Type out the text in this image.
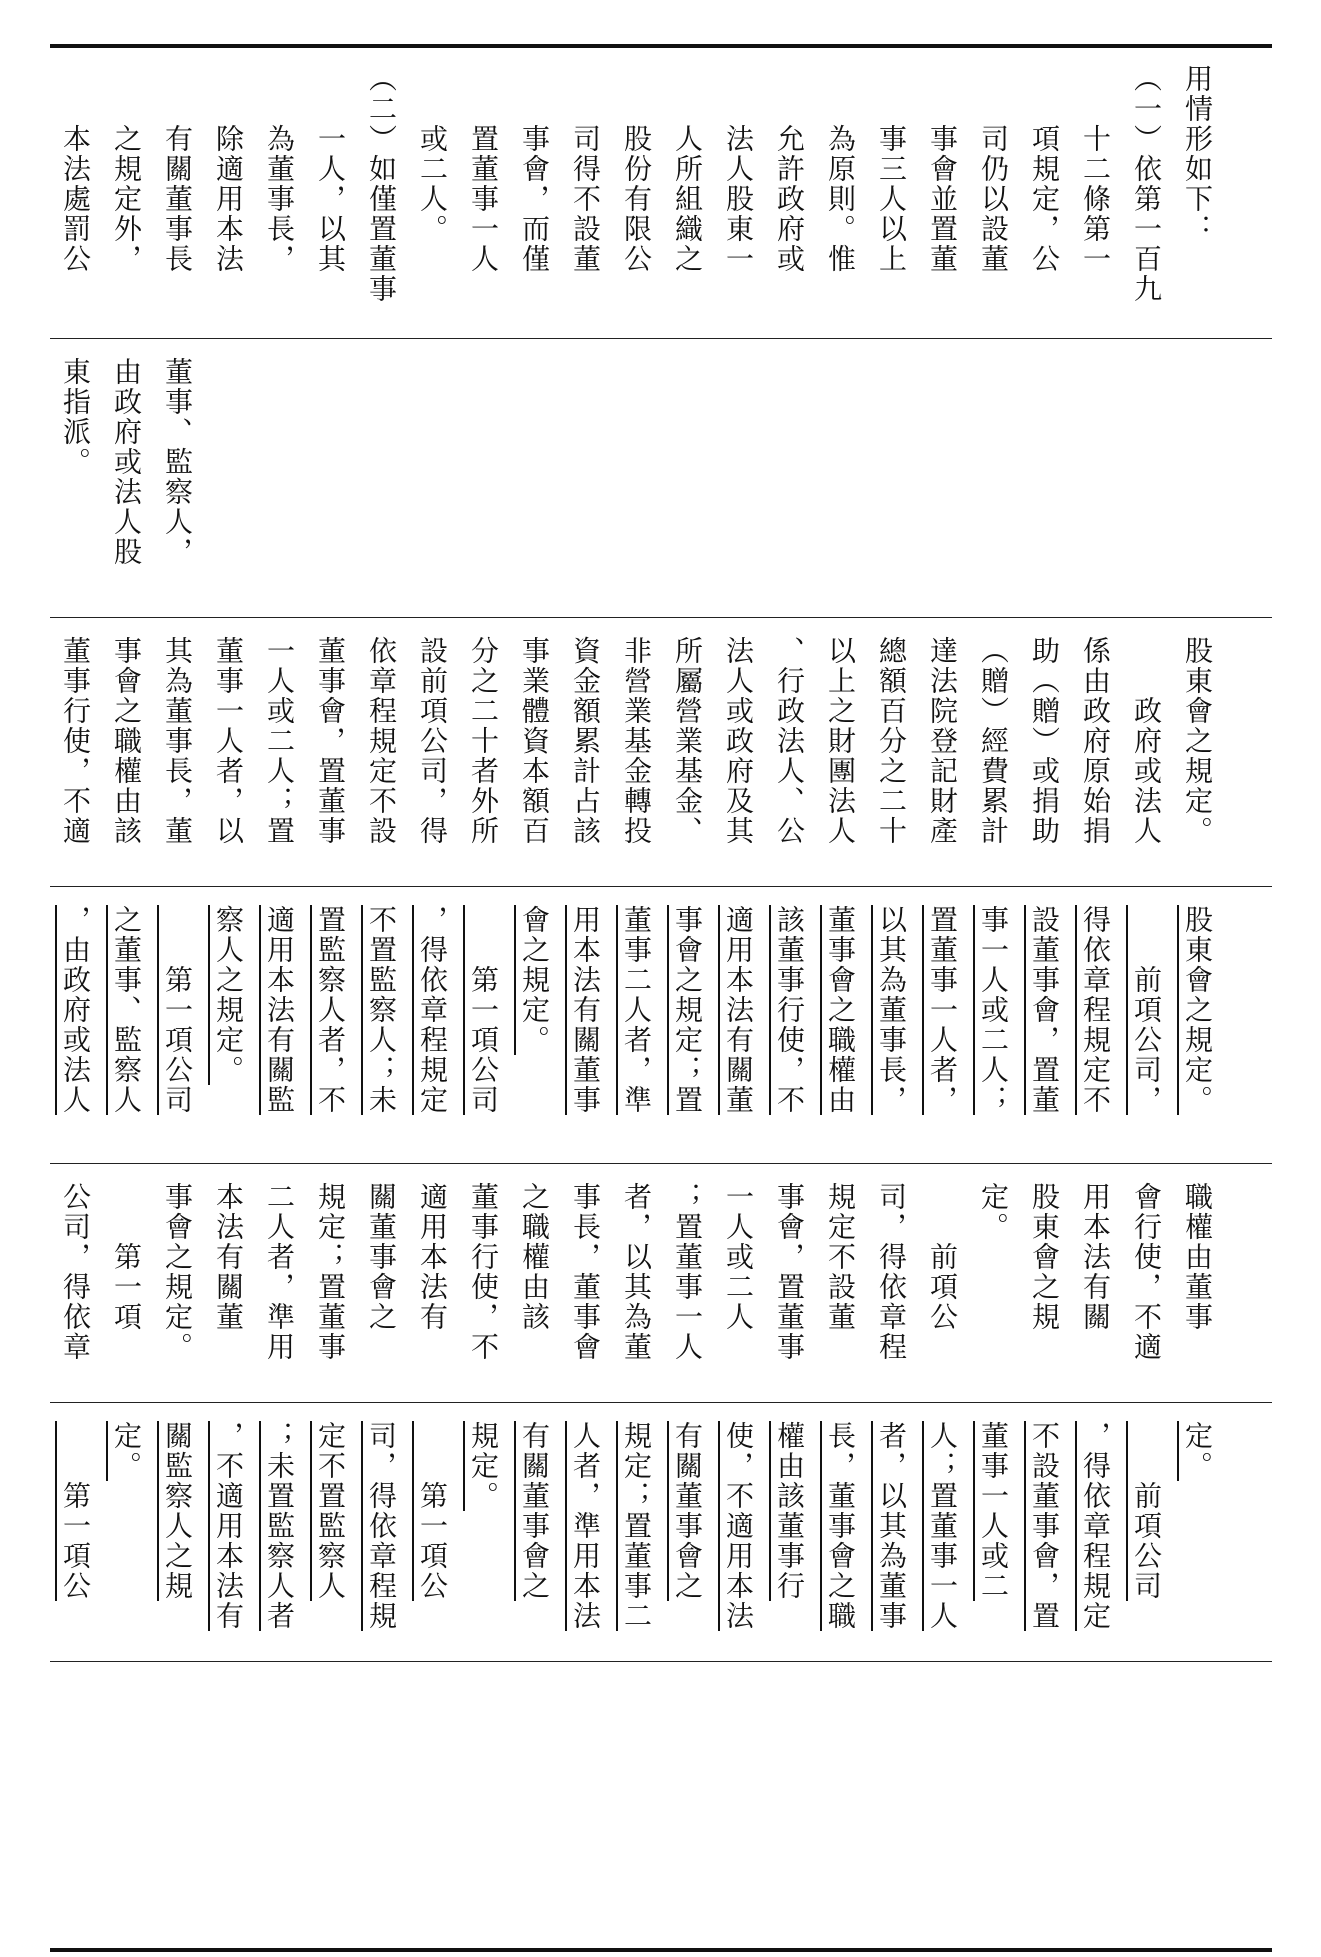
用情形如下：
（一）依第一百九
　　十二條第一
　　項規定，公
　　司仍以設董
　　事會並置董
　　事三人以上
　　為原則。惟
　　允許政府或
　　法人股東一
　　人所組織之
　　股份有限公
　　司得不設董
　　事會，而僅
　　置董事一人
　　或二人。
（二）如僅置董事
　　一人，以其
　　為董事長，
　　除適用本法
　　有關董事長
　　之規定外，
　　本法處罰公
董事、監察人，
由政府或法人股
東指派。
股東會之規定。
　　政府或法人
係由政府原始捐
助（贈）或捐助
（贈）經費累計
達法院登記財產
總額百分之二十
以上之財團法人
、行政法人、公
法人或政府及其
所屬營業基金、
非營業基金轉投
資金額累計占該
事業體資本額百
分之二十者外所
設前項公司，得
依章程規定不設
董事會，置董事
一人或二人；置
董事一人者，以
其為董事長，董
事會之職權由該
董事行使，不適
股東會之規定。
　　前項公司，
得依章程規定不
設董事會，置董
事一人或二人；
置董事一人者，
以其為董事長，
董事會之職權由
該董事行使，不
適用本法有關董
事會之規定；置
董事二人者，準
用本法有關董事
會之規定。
　　第一項公司
，得依章程規定
不置監察人；未
置監察人者，不
適用本法有關監
察人之規定。
　　第一項公司
之董事、監察人
，由政府或法人
職權由董事
會行使，不適
用本法有關
股東會之規
定。
　　前項公
司，得依章程
規定不設董
事會，置董事
一人或二人
；置董事一人
者，以其為董
事長，董事會
之職權由該
董事行使，不
適用本法有
關董事會之
規定；置董事
二人者，準用
本法有關董
事會之規定。
　　第一項
公司，得依章
定。
　　前項公司
，得依章程規定
不設董事會，置
董事一人或二
人；置董事一人
者，以其為董事
長，董事會之職
權由該董事行
使，不適用本法
有關董事會之
規定；置董事二
人者，準用本法
有關董事會之
規定。
　　第一項公
司，得依章程規
定不置監察人
；未置監察人者
，不適用本法有
關監察人之規
定。
　　第一項公
